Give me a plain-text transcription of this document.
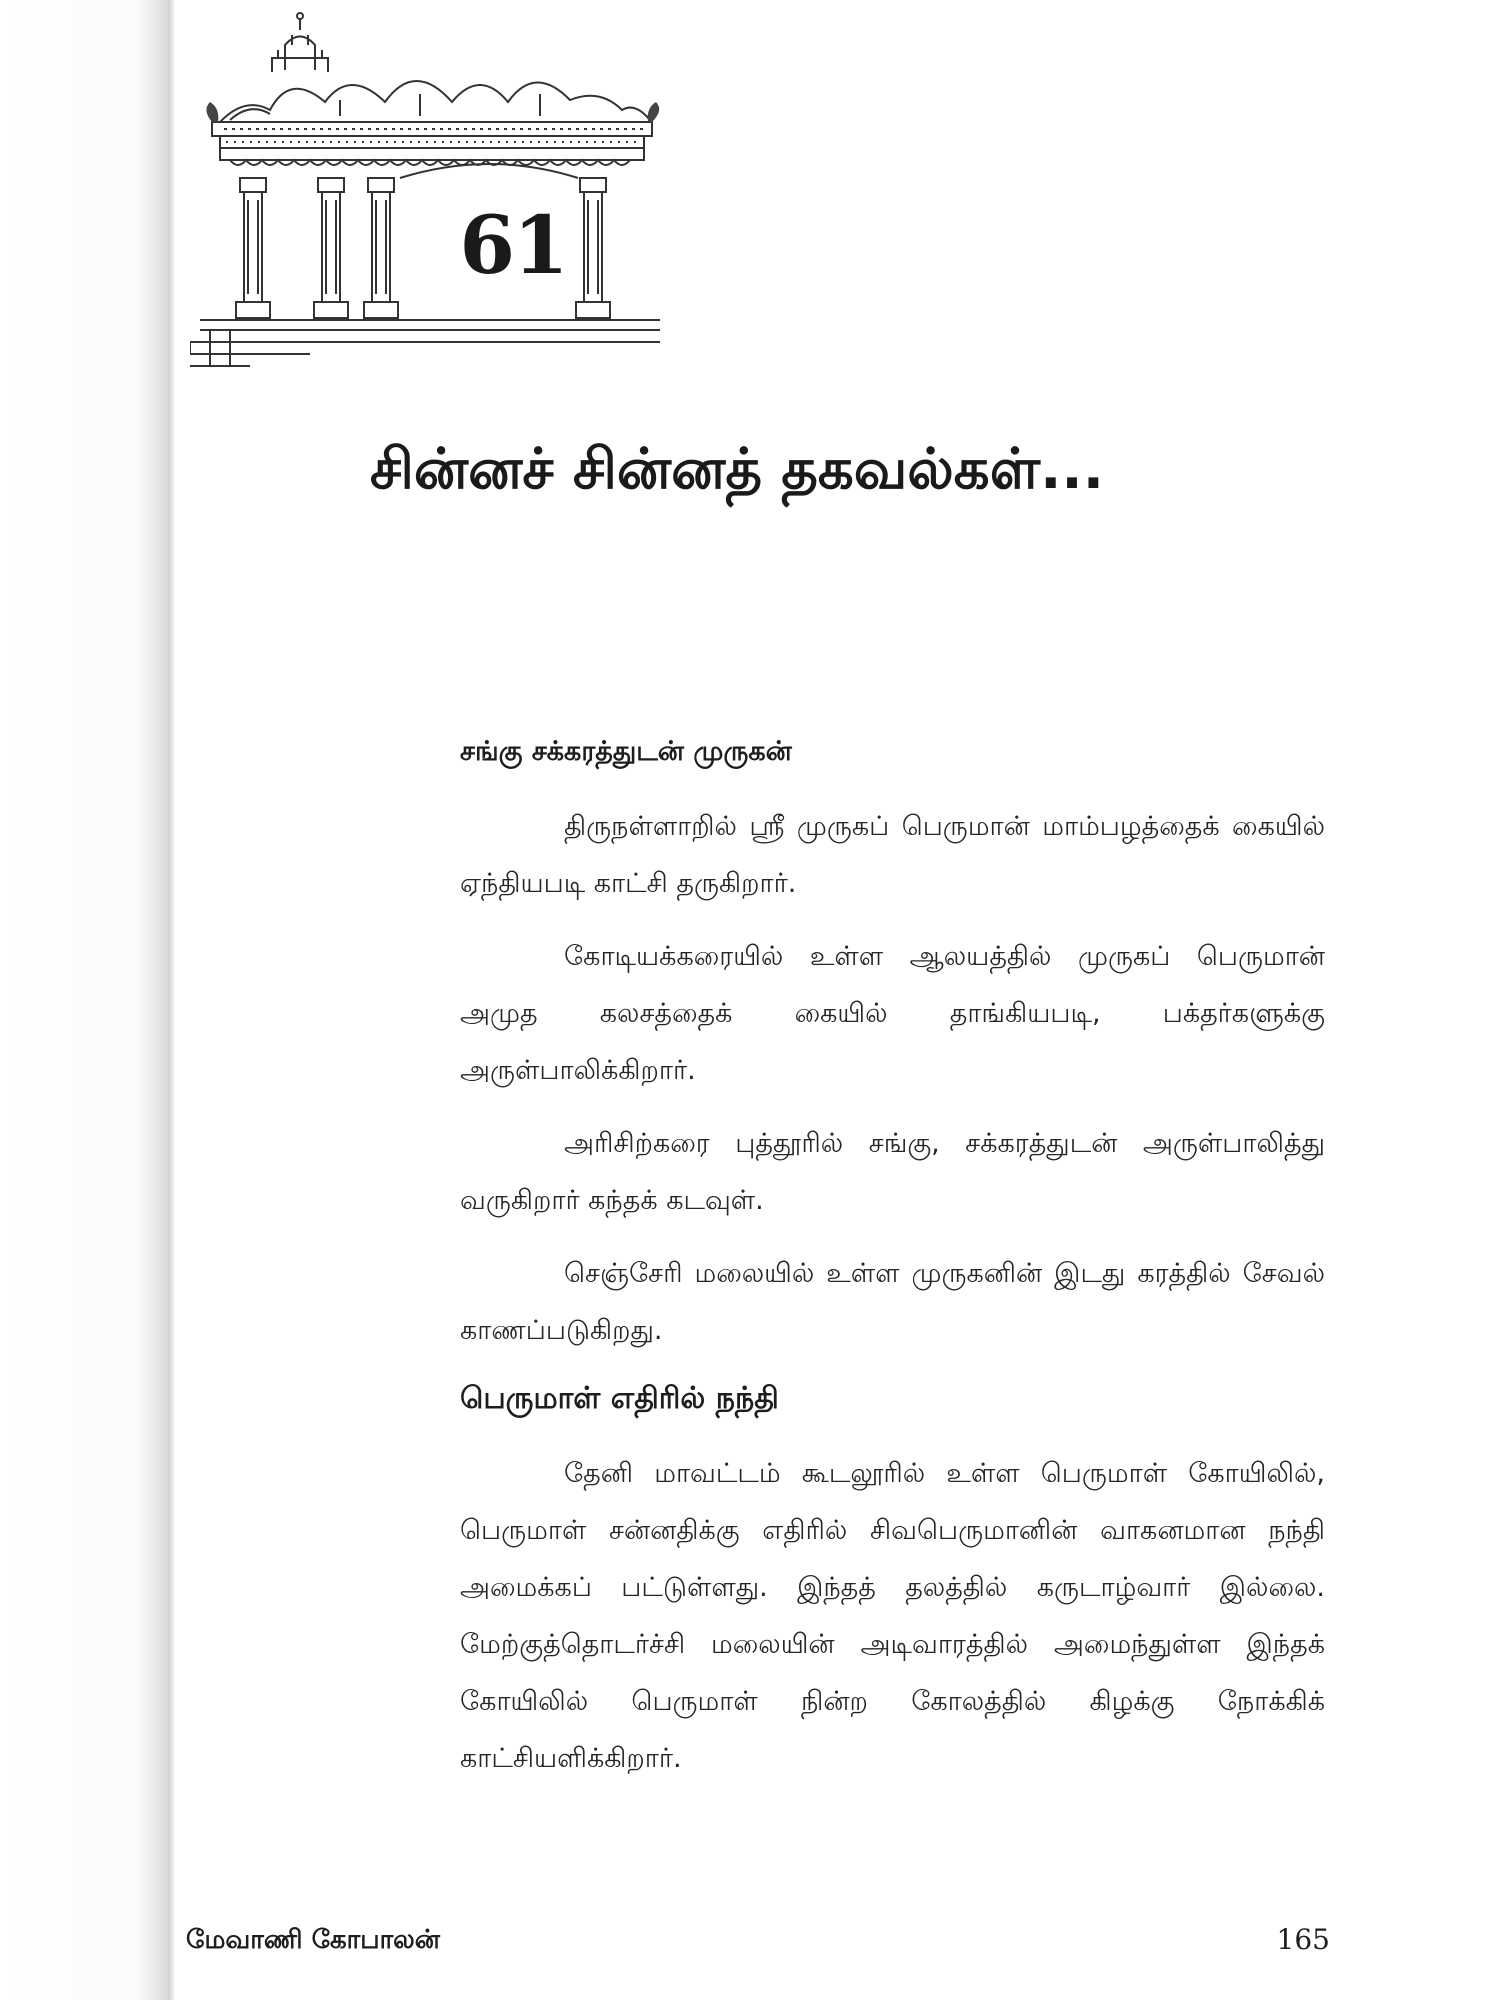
61
சின்னச் சின்னத் தகவல்கள்...
சங்கு சக்கரத்துடன் முருகன்

திருநள்ளாறில் ஸ்ரீ முருகப் பெருமான் மாம்பழத்தைக் கையில் ஏந்தியபடி காட்சி தருகிறார்.

கோடியக்கரையில் உள்ள ஆலயத்தில் முருகப் பெருமான் அமுத கலசத்தைக் கையில் தாங்கியபடி, பக்தர்களுக்கு அருள்பாலிக்கிறார்.

அரிசிற்கரை புத்தூரில் சங்கு, சக்கரத்துடன் அருள்பாலித்து வருகிறார் கந்தக் கடவுள்.

செஞ்சேரி மலையில் உள்ள முருகனின் இடது கரத்தில் சேவல் காணப்படுகிறது.

பெருமாள் எதிரில் நந்தி

தேனி மாவட்டம் கூடலூரில் உள்ள பெருமாள் கோயிலில், பெருமாள் சன்னதிக்கு எதிரில் சிவபெருமானின் வாகனமான நந்தி அமைக்கப் பட்டுள்ளது. இந்தத் தலத்தில் கருடாழ்வார் இல்லை. மேற்குத்தொடர்ச்சி மலையின் அடிவாரத்தில் அமைந்துள்ள இந்தக் கோயிலில் பெருமாள் நின்ற கோலத்தில் கிழக்கு நோக்கிக் காட்சியளிக்கிறார்.

மேவாணி கோபாலன்	165
